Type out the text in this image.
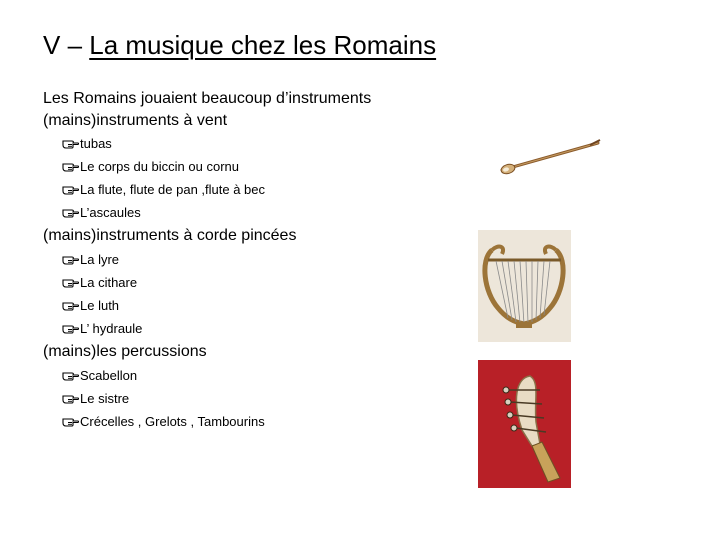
V – La musique chez les Romains
Les Romains jouaient beaucoup d’instruments
(mains)instruments à vent
tubas
Le corps du biccin ou cornu
La flute, flute de pan ,flute à bec
L’ascaules
(mains)instruments à corde pincées
La lyre
La cithare
Le luth
L’ hydraule
(mains)les percussions
Scabellon
Le sistre
Crécelles , Grelots , Tambourins
